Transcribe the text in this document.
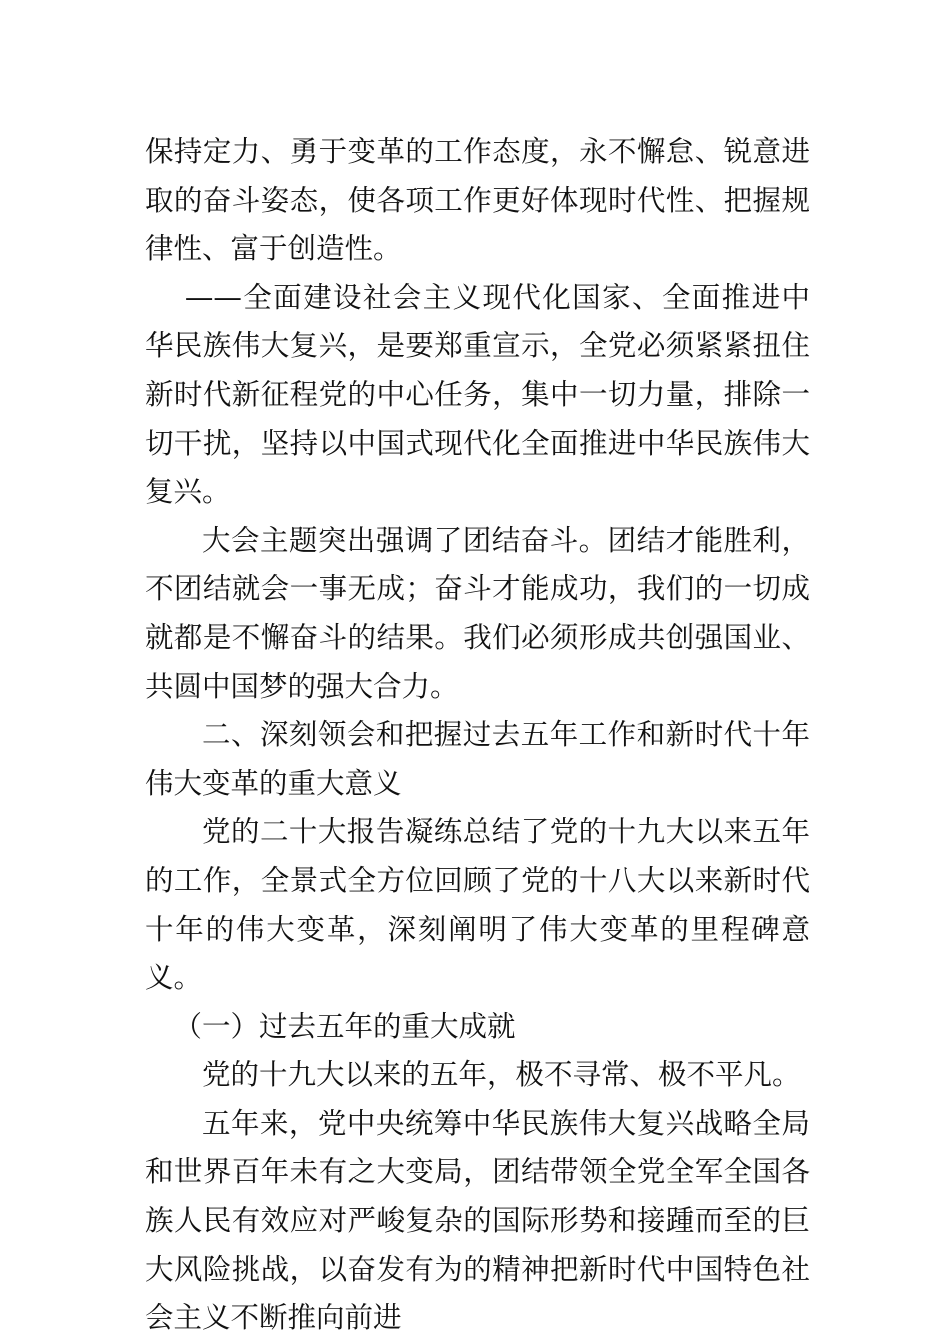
保持定力、勇于变革的工作态度，永不懈怠、锐意进取的奋斗姿态，使各项工作更好体现时代性、把握规律性、富于创造性。

——全面建设社会主义现代化国家、全面推进中华民族伟大复兴，是要郑重宣示，全党必须紧紧扭住新时代新征程党的中心任务，集中一切力量，排除一切干扰，坚持以中国式现代化全面推进中华民族伟大复兴。

大会主题突出强调了团结奋斗。团结才能胜利，不团结就会一事无成；奋斗才能成功，我们的一切成就都是不懈奋斗的结果。我们必须形成共创强国业、共圆中国梦的强大合力。

二、深刻领会和把握过去五年工作和新时代十年伟大变革的重大意义

党的二十大报告凝练总结了党的十九大以来五年的工作，全景式全方位回顾了党的十八大以来新时代十年的伟大变革，深刻阐明了伟大变革的里程碑意义。

（一）过去五年的重大成就

党的十九大以来的五年，极不寻常、极不平凡。

五年来，党中央统筹中华民族伟大复兴战略全局和世界百年未有之大变局，团结带领全党全军全国各族人民有效应对严峻复杂的国际形势和接踵而至的巨大风险挑战，以奋发有为的精神把新时代中国特色社会主义不断推向前进
